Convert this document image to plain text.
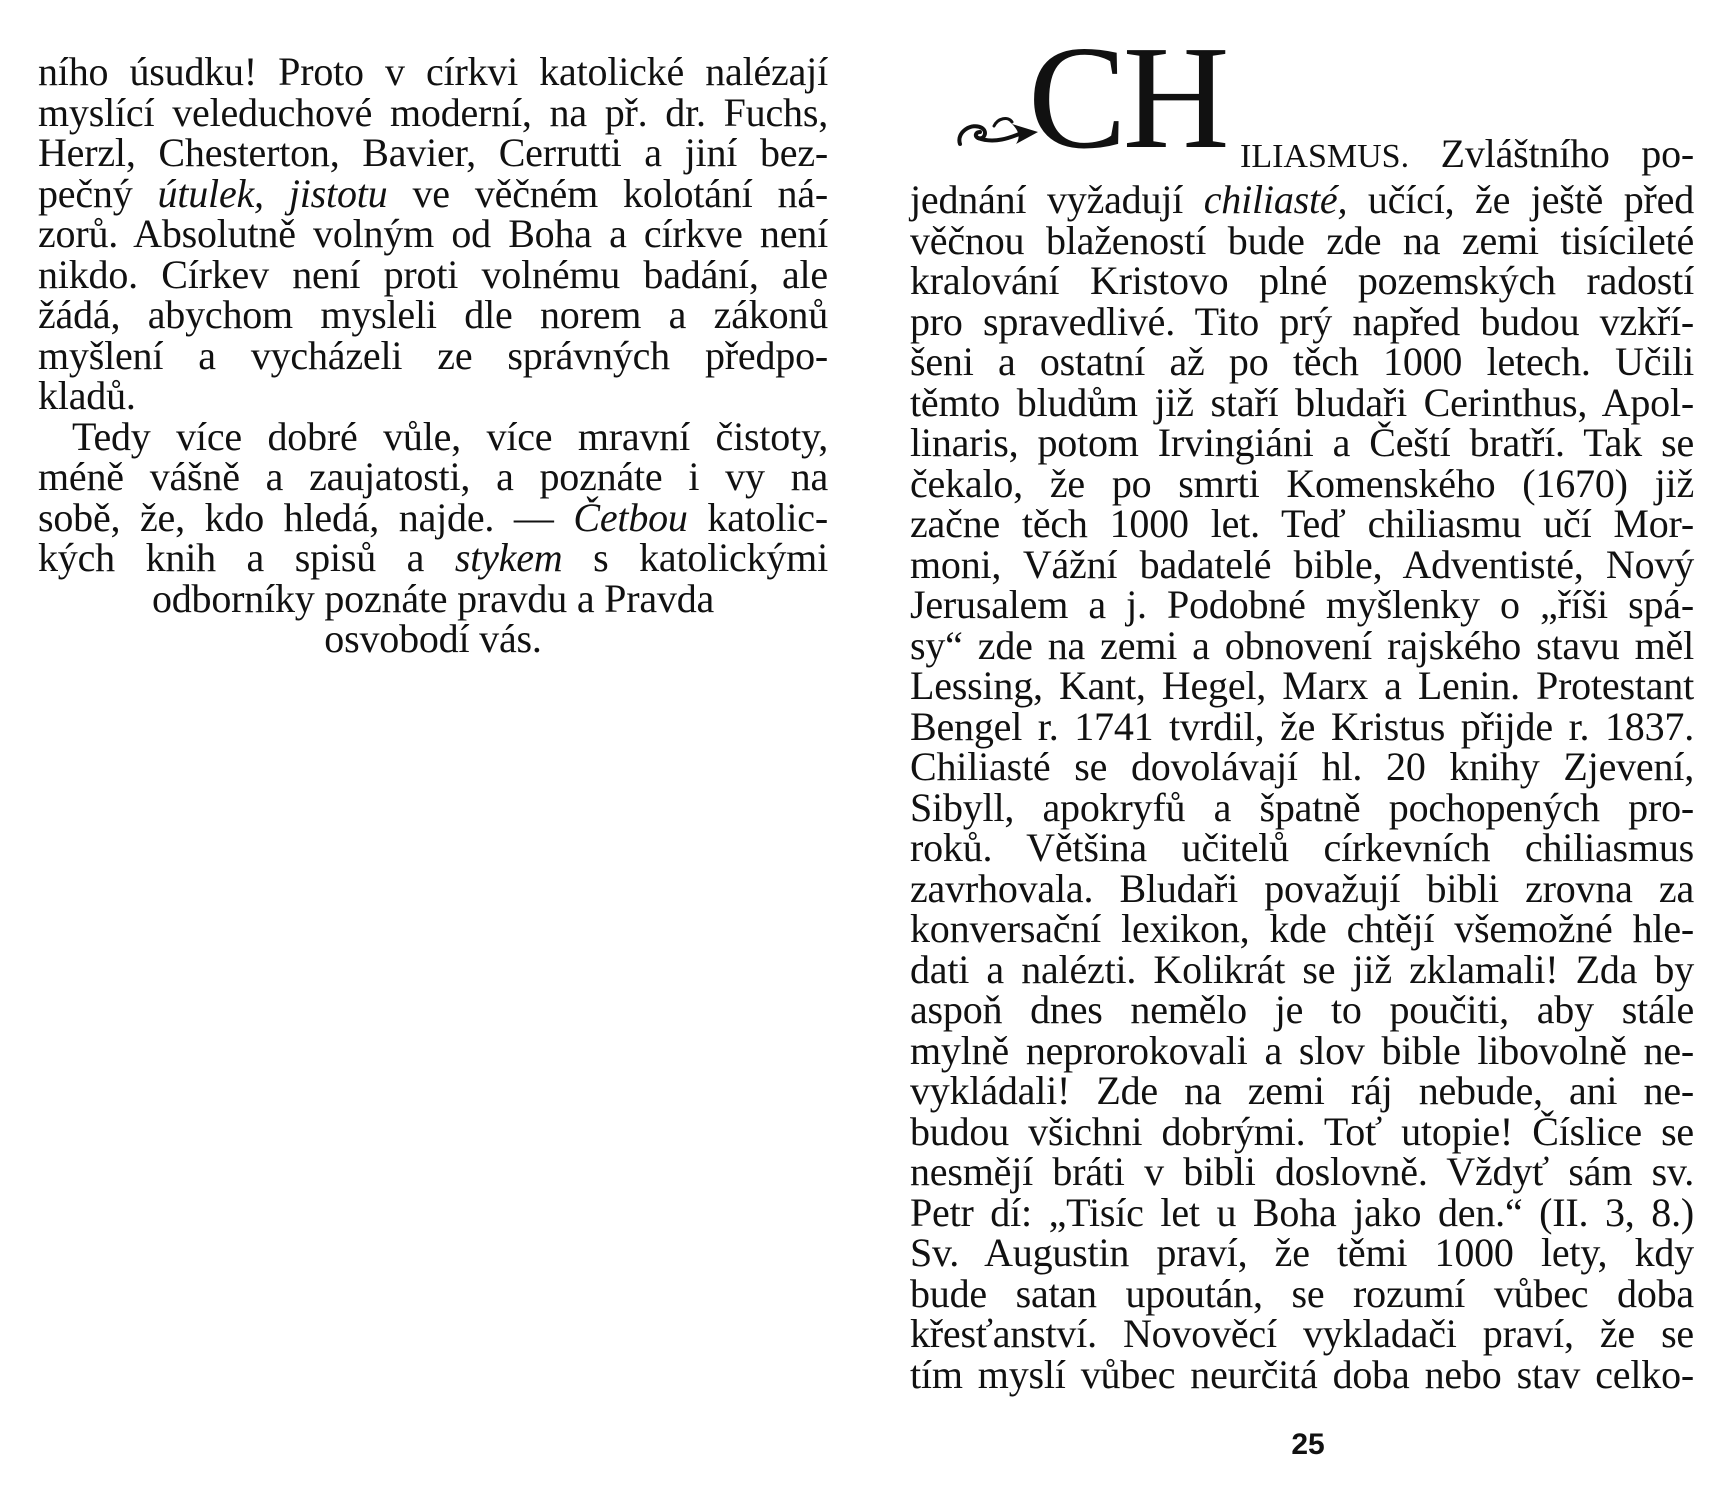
ního úsudku! Proto v církvi katolické nalézají
myslící veleduchové moderní, na př. dr. Fuchs,
Herzl, Chesterton, Bavier, Cerrutti a jiní bez-
pečný útulek, jistotu ve věčném kolotání ná-
zorů. Absolutně volným od Boha a církve není
nikdo. Církev není proti volnému badání, ale
žádá, abychom mysleli dle norem a zákonů
myšlení a vycházeli ze správných předpo-
kladů.
Tedy více dobré vůle, více mravní čistoty,
méně vášně a zaujatosti, a poznáte i vy na
sobě, že, kdo hledá, najde. — Četbou katolic-
kých knih a spisů a stykem s katolickými
odborníky poznáte pravdu a Pravda
osvobodí vás.
CH ILIASMUS. Zvláštního po-
jednání vyžadují chiliasté, učící, že ještě před
věčnou blažeností bude zde na zemi tisícileté
kralování Kristovo plné pozemských radostí
pro spravedlivé. Tito prý napřed budou vzkří-
šeni a ostatní až po těch 1000 letech. Učili
těmto bludům již staří bludaři Cerinthus, Apol-
linaris, potom Irvingiáni a Čeští bratří. Tak se
čekalo, že po smrti Komenského (1670) již
začne těch 1000 let. Teď chiliasmu učí Mor-
moni, Vážní badatelé bible, Adventisté, Nový
Jerusalem a j. Podobné myšlenky o „říši spá-
sy“ zde na zemi a obnovení rajského stavu měl
Lessing, Kant, Hegel, Marx a Lenin. Protestant
Bengel r. 1741 tvrdil, že Kristus přijde r. 1837.
Chiliasté se dovolávají hl. 20 knihy Zjevení,
Sibyll, apokryfů a špatně pochopených pro-
roků. Většina učitelů církevních chiliasmus
zavrhovala. Bludaři považují bibli zrovna za
konversační lexikon, kde chtějí všemožné hle-
dati a nalézti. Kolikrát se již zklamali! Zda by
aspoň dnes nemělo je to poučiti, aby stále
mylně neprorokovali a slov bible libovolně ne-
vykládali! Zde na zemi ráj nebude, ani ne-
budou všichni dobrými. Toť utopie! Číslice se
nesmějí bráti v bibli doslovně. Vždyť sám sv.
Petr dí: „Tisíc let u Boha jako den.“ (II. 3, 8.)
Sv. Augustin praví, že těmi 1000 lety, kdy
bude satan upoután, se rozumí vůbec doba
křesťanství. Novověcí vykladači praví, že se
tím myslí vůbec neurčitá doba nebo stav celko-
25
